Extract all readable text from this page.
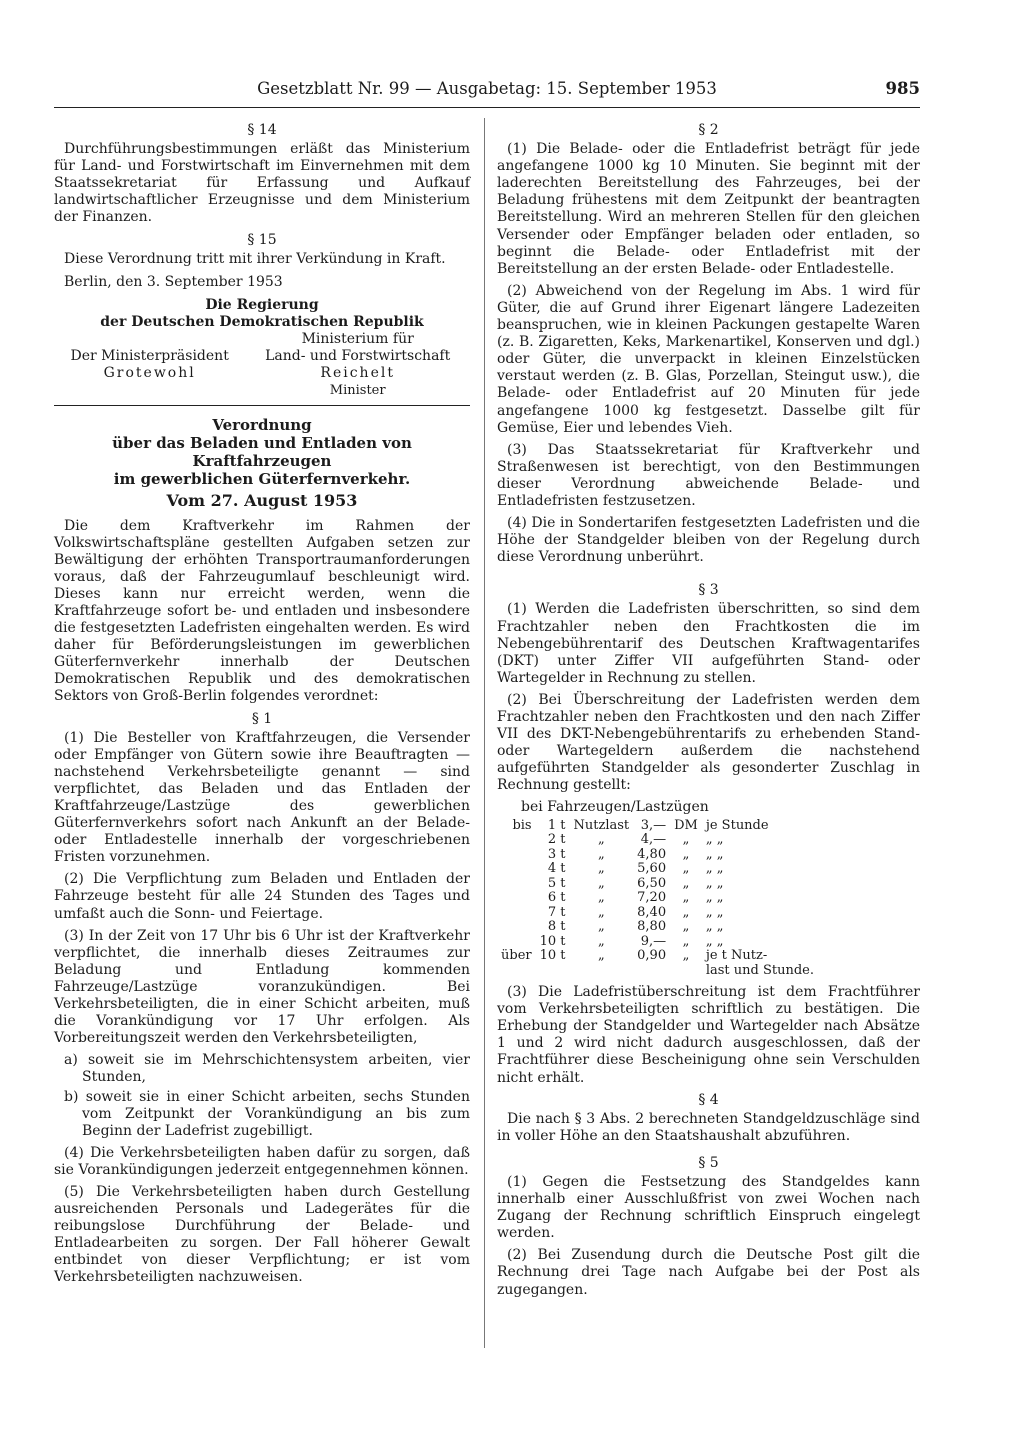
Gesetzblatt Nr. 99 — Ausgabetag: 15. September 1953	985

§ 14

Durchführungsbestimmungen erläßt das Ministerium für Land- und Forstwirtschaft im Einvernehmen mit dem Staatssekretariat für Erfassung und Aufkauf landwirtschaftlicher Erzeugnisse und dem Ministerium der Finanzen.

§ 15

Diese Verordnung tritt mit ihrer Verkündung in Kraft.

Berlin, den 3. September 1953

Die Regierung

der Deutschen Demokratischen Republik

Ministerium für
Der Ministerpräsident	Land- und Forstwirtschaft
Grotewohl	Reichelt
Minister

Verordnung

über das Beladen und Entladen von Kraftfahrzeugen

im gewerblichen Güterfernverkehr.

Vom 27. August 1953

Die dem Kraftverkehr im Rahmen der Volkswirtschaftspläne gestellten Aufgaben setzen zur Bewältigung der erhöhten Transportraumanforderungen voraus, daß der Fahrzeugumlauf beschleunigt wird. Dieses kann nur erreicht werden, wenn die Kraftfahrzeuge sofort be- und entladen und insbesondere die festgesetzten Ladefristen eingehalten werden. Es wird daher für Beförderungsleistungen im gewerblichen Güterfernverkehr innerhalb der Deutschen Demokratischen Republik und des demokratischen Sektors von Groß-Berlin folgendes verordnet:

§ 1

(1) Die Besteller von Kraftfahrzeugen, die Versender oder Empfänger von Gütern sowie ihre Beauftragten — nachstehend Verkehrsbeteiligte genannt — sind verpflichtet, das Beladen und das Entladen der Kraftfahrzeuge/Lastzüge des gewerblichen Güterfernverkehrs sofort nach Ankunft an der Belade- oder Entladestelle innerhalb der vorgeschriebenen Fristen vorzunehmen.

(2) Die Verpflichtung zum Beladen und Entladen der Fahrzeuge besteht für alle 24 Stunden des Tages und umfaßt auch die Sonn- und Feiertage.

(3) In der Zeit von 17 Uhr bis 6 Uhr ist der Kraftverkehr verpflichtet, die innerhalb dieses Zeitraumes zur Beladung und Entladung kommenden Fahrzeuge/Lastzüge voranzukündigen. Bei Verkehrsbeteiligten, die in einer Schicht arbeiten, muß die Vorankündigung vor 17 Uhr erfolgen. Als Vorbereitungszeit werden den Verkehrsbeteiligten,

a) soweit sie im Mehrschichtensystem arbeiten, vier Stunden,

b) soweit sie in einer Schicht arbeiten, sechs Stunden vom Zeitpunkt der Vorankündigung an bis zum Beginn der Ladefrist zugebilligt.

(4) Die Verkehrsbeteiligten haben dafür zu sorgen, daß sie Vorankündigungen jederzeit entgegennehmen können.

(5) Die Verkehrsbeteiligten haben durch Gestellung ausreichenden Personals und Ladegerätes für die reibungslose Durchführung der Belade- und Entladearbeiten zu sorgen. Der Fall höherer Gewalt entbindet von dieser Verpflichtung; er ist vom Verkehrsbeteiligten nachzuweisen.

§ 2

(1) Die Belade- oder die Entladefrist beträgt für jede angefangene 1000 kg 10 Minuten. Sie beginnt mit der laderechten Bereitstellung des Fahrzeuges, bei der Beladung frühestens mit dem Zeitpunkt der beantragten Bereitstellung. Wird an mehreren Stellen für den gleichen Versender oder Empfänger beladen oder entladen, so beginnt die Belade- oder Entladefrist mit der Bereitstellung an der ersten Belade- oder Entladestelle.

(2) Abweichend von der Regelung im Abs. 1 wird für Güter, die auf Grund ihrer Eigenart längere Ladezeiten beanspruchen, wie in kleinen Packungen gestapelte Waren (z. B. Zigaretten, Keks, Markenartikel, Konserven und dgl.) oder Güter, die unverpackt in kleinen Einzelstücken verstaut werden (z. B. Glas, Porzellan, Steingut usw.), die Belade- oder Entladefrist auf 20 Minuten für jede angefangene 1000 kg festgesetzt. Dasselbe gilt für Gemüse, Eier und lebendes Vieh.

(3) Das Staatssekretariat für Kraftverkehr und Straßenwesen ist berechtigt, von den Bestimmungen dieser Verordnung abweichende Belade- und Entladefristen festzusetzen.

(4) Die in Sondertarifen festgesetzten Ladefristen und die Höhe der Standgelder bleiben von der Regelung durch diese Verordnung unberührt.

§ 3

(1) Werden die Ladefristen überschritten, so sind dem Frachtzahler neben den Frachtkosten die im Nebengebührentarif des Deutschen Kraftwagentarifes (DKT) unter Ziffer VII aufgeführten Stand- oder Wartegelder in Rechnung zu stellen.

(2) Bei Überschreitung der Ladefristen werden dem Frachtzahler neben den Frachtkosten und den nach Ziffer VII des DKT-Nebengebührentarifs zu erhebenden Stand- oder Wartegeldern außerdem die nachstehend aufgeführten Standgelder als gesonderter Zuschlag in Rechnung gestellt:

bei Fahrzeugen/Lastzügen

bis	1 t	Nutzlast	3,—	DM	je Stunde
	2 t	„	4,—	„	„ „
	3 t	„	4,80	„	„ „
	4 t	„	5,60	„	„ „
	5 t	„	6,50	„	„ „
	6 t	„	7,20	„	„ „
	7 t	„	8,40	„	„ „
	8 t	„	8,80	„	„ „
	10 t	„	9,—	„	„ „
über	10 t	„	0,90	„	je t Nutz-
					last und Stunde.

(3) Die Ladefristüberschreitung ist dem Frachtführer vom Verkehrsbeteiligten schriftlich zu bestätigen. Die Erhebung der Standgelder und Wartegelder nach Absätze 1 und 2 wird nicht dadurch ausgeschlossen, daß der Frachtführer diese Bescheinigung ohne sein Verschulden nicht erhält.

§ 4

Die nach § 3 Abs. 2 berechneten Standgeldzuschläge sind in voller Höhe an den Staatshaushalt abzuführen.

§ 5

(1) Gegen die Festsetzung des Standgeldes kann innerhalb einer Ausschlußfrist von zwei Wochen nach Zugang der Rechnung schriftlich Einspruch eingelegt werden.

(2) Bei Zusendung durch die Deutsche Post gilt die Rechnung drei Tage nach Aufgabe bei der Post als zugegangen.
